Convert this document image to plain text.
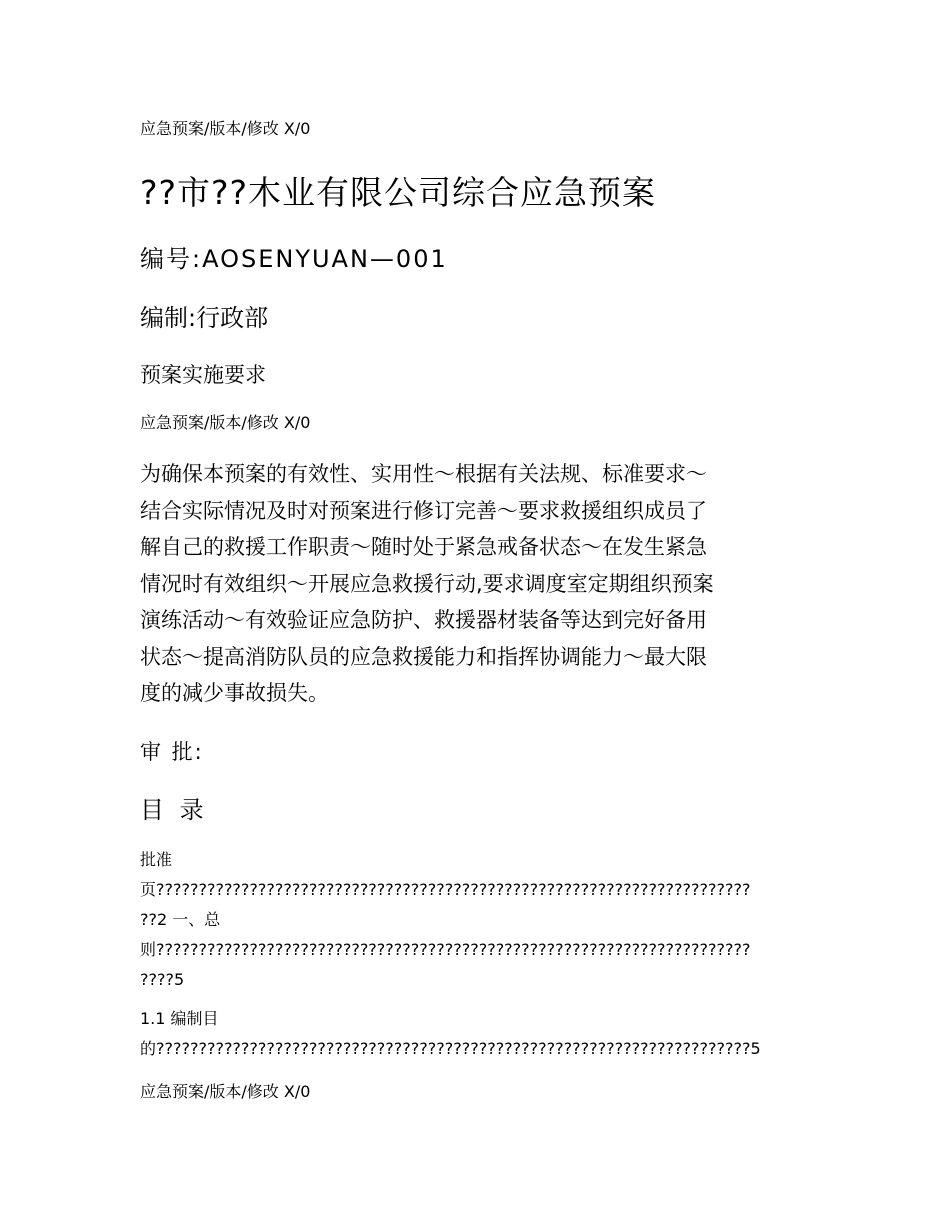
应急预案/版本/修改 X/0
??市??木业有限公司综合应急预案
编号:AOSENYUAN—001
编制:行政部
预案实施要求
应急预案/版本/修改 X/0

为确保本预案的有效性、实用性～根据有关法规、标准要求～
结合实际情况及时对预案进行修订完善～要求救援组织成员了
解自己的救援工作职责～随时处于紧急戒备状态～在发生紧急
情况时有效组织～开展应急救援行动,要求调度室定期组织预案
演练活动～有效验证应急防护、救援器材装备等达到完好备用
状态～提高消防队员的应急救援能力和指挥协调能力～最大限
度的减少事故损失。

审 批:
目 录
批准
页??????????????????????????????????????????????????????????????????????
??2 一、总
则??????????????????????????????????????????????????????????????????????
????5
1.1 编制目
的??????????????????????????????????????????????????????????????????????5
应急预案/版本/修改 X/0
